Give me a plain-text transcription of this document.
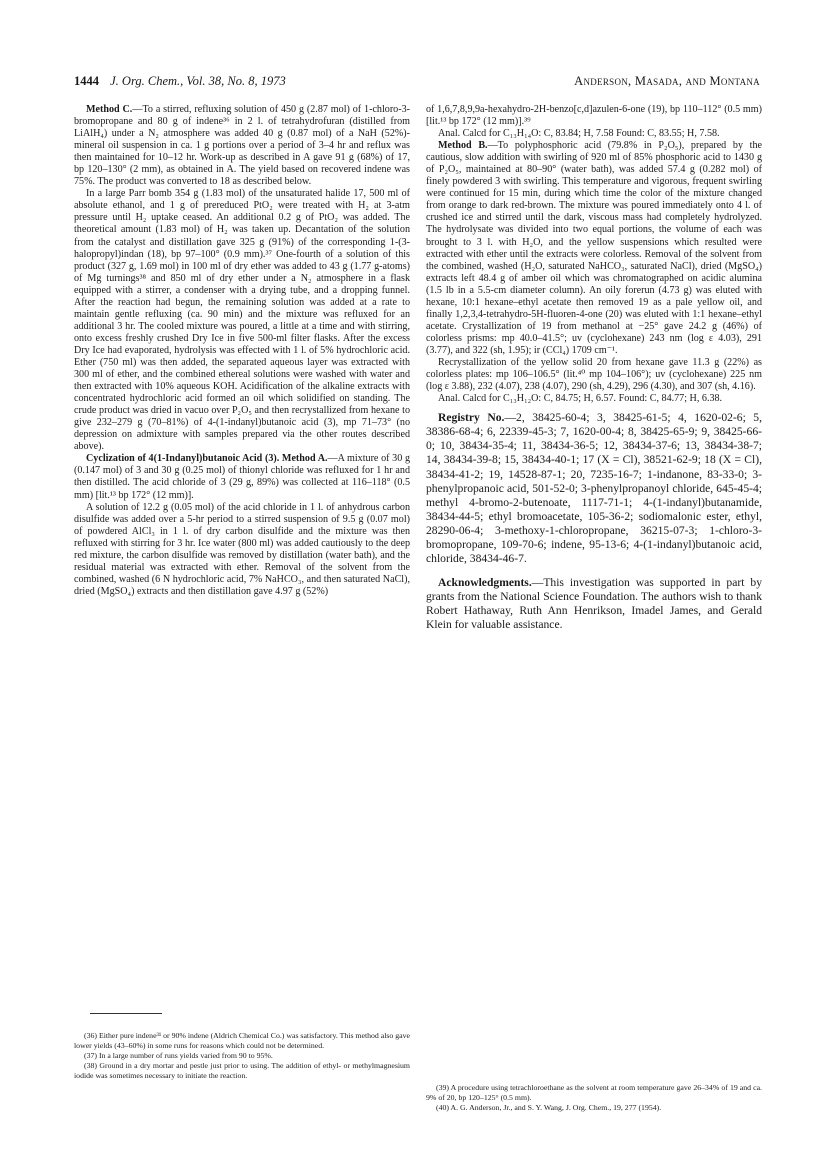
1444 J. Org. Chem., Vol. 38, No. 8, 1973	Anderson, Masada, and Montana

Method C.—To a stirred, refluxing solution of 450 g (2.87 mol) of 1-chloro-3-bromopropane and 80 g of indene³⁶ in 2 l. of tetrahydrofuran (distilled from LiAlH₄) under a N₂ atmosphere was added 40 g (0.87 mol) of a NaH (52%)-mineral oil suspension in ca. 1 g portions over a period of 3–4 hr and reflux was then maintained for 10–12 hr. Work-up as described in A gave 91 g (68%) of 17, bp 120–130° (2 mm), as obtained in A. The yield based on recovered indene was 75%. The product was converted to 18 as described below.

In a large Parr bomb 354 g (1.83 mol) of the unsaturated halide 17, 500 ml of absolute ethanol, and 1 g of prereduced PtO₂ were treated with H₂ at 3-atm pressure until H₂ uptake ceased. An additional 0.2 g of PtO₂ was added. The theoretical amount (1.83 mol) of H₂ was taken up. Decantation of the solution from the catalyst and distillation gave 325 g (91%) of the corresponding 1-(3-halopropyl)indan (18), bp 97–100° (0.9 mm).³⁷ One-fourth of a solution of this product (327 g, 1.69 mol) in 100 ml of dry ether was added to 43 g (1.77 g-atoms) of Mg turnings³⁸ and 850 ml of dry ether under a N₂ atmosphere in a flask equipped with a stirrer, a condenser with a drying tube, and a dropping funnel. After the reaction had begun, the remaining solution was added at a rate to maintain gentle refluxing (ca. 90 min) and the mixture was refluxed for an additional 3 hr. The cooled mixture was poured, a little at a time and with stirring, onto excess freshly crushed Dry Ice in five 500-ml filter flasks. After the excess Dry Ice had evaporated, hydrolysis was effected with 1 l. of 5% hydrochloric acid. Ether (750 ml) was then added, the separated aqueous layer was extracted with 300 ml of ether, and the combined ethereal solutions were washed with water and then extracted with 10% aqueous KOH. Acidification of the alkaline extracts with concentrated hydrochloric acid formed an oil which solidified on standing. The crude product was dried in vacuo over P₂O₅ and then recrystallized from hexane to give 232–279 g (70–81%) of 4-(1-indanyl)butanoic acid (3), mp 71–73° (no depression on admixture with samples prepared via the other routes described above).

Cyclization of 4(1-Indanyl)butanoic Acid (3). Method A.—A mixture of 30 g (0.147 mol) of 3 and 30 g (0.25 mol) of thionyl chloride was refluxed for 1 hr and then distilled. The acid chloride of 3 (29 g, 89%) was collected at 116–118° (0.5 mm) [lit.¹³ bp 172° (12 mm)].

A solution of 12.2 g (0.05 mol) of the acid chloride in 1 l. of anhydrous carbon disulfide was added over a 5-hr period to a stirred suspension of 9.5 g (0.07 mol) of powdered AlCl₃ in 1 l. of dry carbon disulfide and the mixture was then refluxed with stirring for 3 hr. Ice water (800 ml) was added cautiously to the deep red mixture, the carbon disulfide was removed by distillation (water bath), and the residual material was extracted with ether. Removal of the solvent from the combined, washed (6 N hydrochloric acid, 7% NaHCO₃, and then saturated NaCl), dried (MgSO₄) extracts and then distillation gave 4.97 g (52%)

of 1,6,7,8,9,9a-hexahydro-2H-benzo[c,d]azulen-6-one (19), bp 110–112° (0.5 mm) [lit.¹³ bp 172° (12 mm)].³⁹

Anal. Calcd for C₁₃H₁₄O: C, 83.84; H, 7.58 Found: C, 83.55; H, 7.58.

Method B.—To polyphosphoric acid (79.8% in P₂O₅), prepared by the cautious, slow addition with swirling of 920 ml of 85% phosphoric acid to 1430 g of P₂O₅, maintained at 80–90° (water bath), was added 57.4 g (0.282 mol) of finely powdered 3 with swirling. This temperature and vigorous, frequent swirling were continued for 15 min, during which time the color of the mixture changed from orange to dark red-brown. The mixture was poured immediately onto 4 l. of crushed ice and stirred until the dark, viscous mass had completely hydrolyzed. The hydrolysate was divided into two equal portions, the volume of each was brought to 3 l. with H₂O, and the yellow suspensions which resulted were extracted with ether until the extracts were colorless. Removal of the solvent from the combined, washed (H₂O, saturated NaHCO₃, saturated NaCl), dried (MgSO₄) extracts left 48.4 g of amber oil which was chromatographed on acidic alumina (1.5 lb in a 5.5-cm diameter column). An oily forerun (4.73 g) was eluted with hexane, 10:1 hexane–ethyl acetate then removed 19 as a pale yellow oil, and finally 1,2,3,4-tetrahydro-5H-fluoren-4-one (20) was eluted with 1:1 hexane–ethyl acetate. Crystallization of 19 from methanol at −25° gave 24.2 g (46%) of colorless prisms: mp 40.0–41.5°; uv (cyclohexane) 243 nm (log ε 4.03), 291 (3.77), and 322 (sh, 1.95); ir (CCl₄) 1709 cm⁻¹.

Recrystallization of the yellow solid 20 from hexane gave 11.3 g (22%) as colorless plates: mp 106–106.5° (lit.⁴⁰ mp 104–106°); uv (cyclohexane) 225 nm (log ε 3.88), 232 (4.07), 238 (4.07), 290 (sh, 4.29), 296 (4.30), and 307 (sh, 4.16).

Anal. Calcd for C₁₃H₁₂O: C, 84.75; H, 6.57. Found: C, 84.77; H, 6.38.

Registry No.—2, 38425-60-4; 3, 38425-61-5; 4, 1620-02-6; 5, 38386-68-4; 6, 22339-45-3; 7, 1620-00-4; 8, 38425-65-9; 9, 38425-66-0; 10, 38434-35-4; 11, 38434-36-5; 12, 38434-37-6; 13, 38434-38-7; 14, 38434-39-8; 15, 38434-40-1; 17 (X = Cl), 38521-62-9; 18 (X = Cl), 38434-41-2; 19, 14528-87-1; 20, 7235-16-7; 1-indanone, 83-33-0; 3-phenylpropanoic acid, 501-52-0; 3-phenylpropanoyl chloride, 645-45-4; methyl 4-bromo-2-butenoate, 1117-71-1; 4-(1-indanyl)butanamide, 38434-44-5; ethyl bromoacetate, 105-36-2; sodiomalonic ester, ethyl, 28290-06-4; 3-methoxy-1-chloropropane, 36215-07-3; 1-chloro-3-bromopropane, 109-70-6; indene, 95-13-6; 4-(1-indanyl)butanoic acid, chloride, 38434-46-7.

Acknowledgments.—This investigation was supported in part by grants from the National Science Foundation. The authors wish to thank Robert Hathaway, Ruth Ann Henrikson, Imadel James, and Gerald Klein for valuable assistance.

(36) Either pure indene³¹ or 90% indene (Aldrich Chemical Co.) was satisfactory. This method also gave lower yields (43–60%) in some runs for reasons which could not be determined.

(37) In a large number of runs yields varied from 90 to 95%.

(38) Ground in a dry mortar and pestle just prior to using. The addition of ethyl- or methylmagnesium iodide was sometimes necessary to initiate the reaction.

(39) A procedure using tetrachloroethane as the solvent at room temperature gave 26–34% of 19 and ca. 9% of 20, bp 120–125° (0.5 mm).

(40) A. G. Anderson, Jr., and S. Y. Wang, J. Org. Chem., 19, 277 (1954).
